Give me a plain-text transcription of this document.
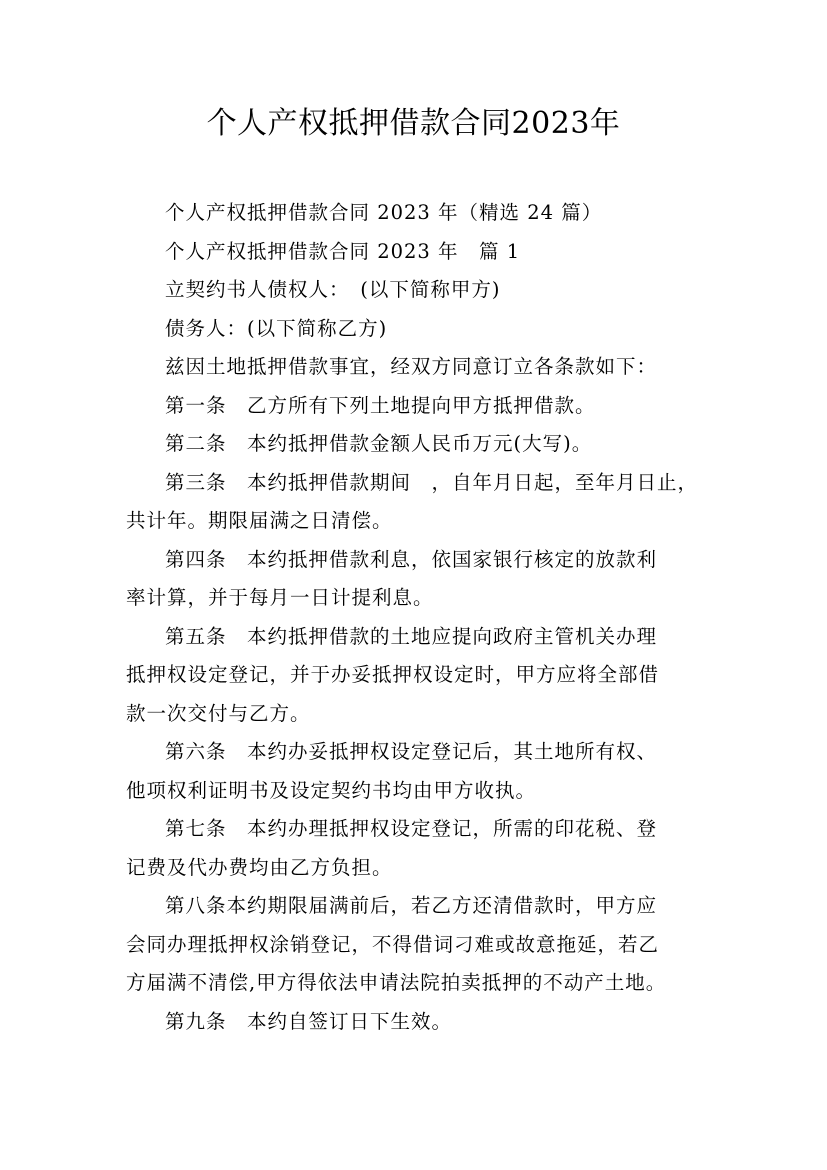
个人产权抵押借款合同2023年

个人产权抵押借款合同 2023 年（精选 24 篇）

个人产权抵押借款合同 2023 年　篇 1

立契约书人债权人：　(以下简称甲方)

债务人：(以下简称乙方)

兹因土地抵押借款事宜，经双方同意订立各条款如下：

第一条　乙方所有下列土地提向甲方抵押借款。

第二条　本约抵押借款金额人民币万元(大写)。

第三条　本约抵押借款期间　，自年月日起，至年月日止，
共计年。期限届满之日清偿。

第四条　本约抵押借款利息，依国家银行核定的放款利
率计算，并于每月一日计提利息。

第五条　本约抵押借款的土地应提向政府主管机关办理
抵押权设定登记，并于办妥抵押权设定时，甲方应将全部借
款一次交付与乙方。

第六条　本约办妥抵押权设定登记后，其土地所有权、
他项权利证明书及设定契约书均由甲方收执。

第七条　本约办理抵押权设定登记，所需的印花税、登
记费及代办费均由乙方负担。

第八条本约期限届满前后，若乙方还清借款时，甲方应
会同办理抵押权涂销登记，不得借词刁难或故意拖延，若乙
方届满不清偿,甲方得依法申请法院拍卖抵押的不动产土地。

第九条　本约自签订日下生效。
